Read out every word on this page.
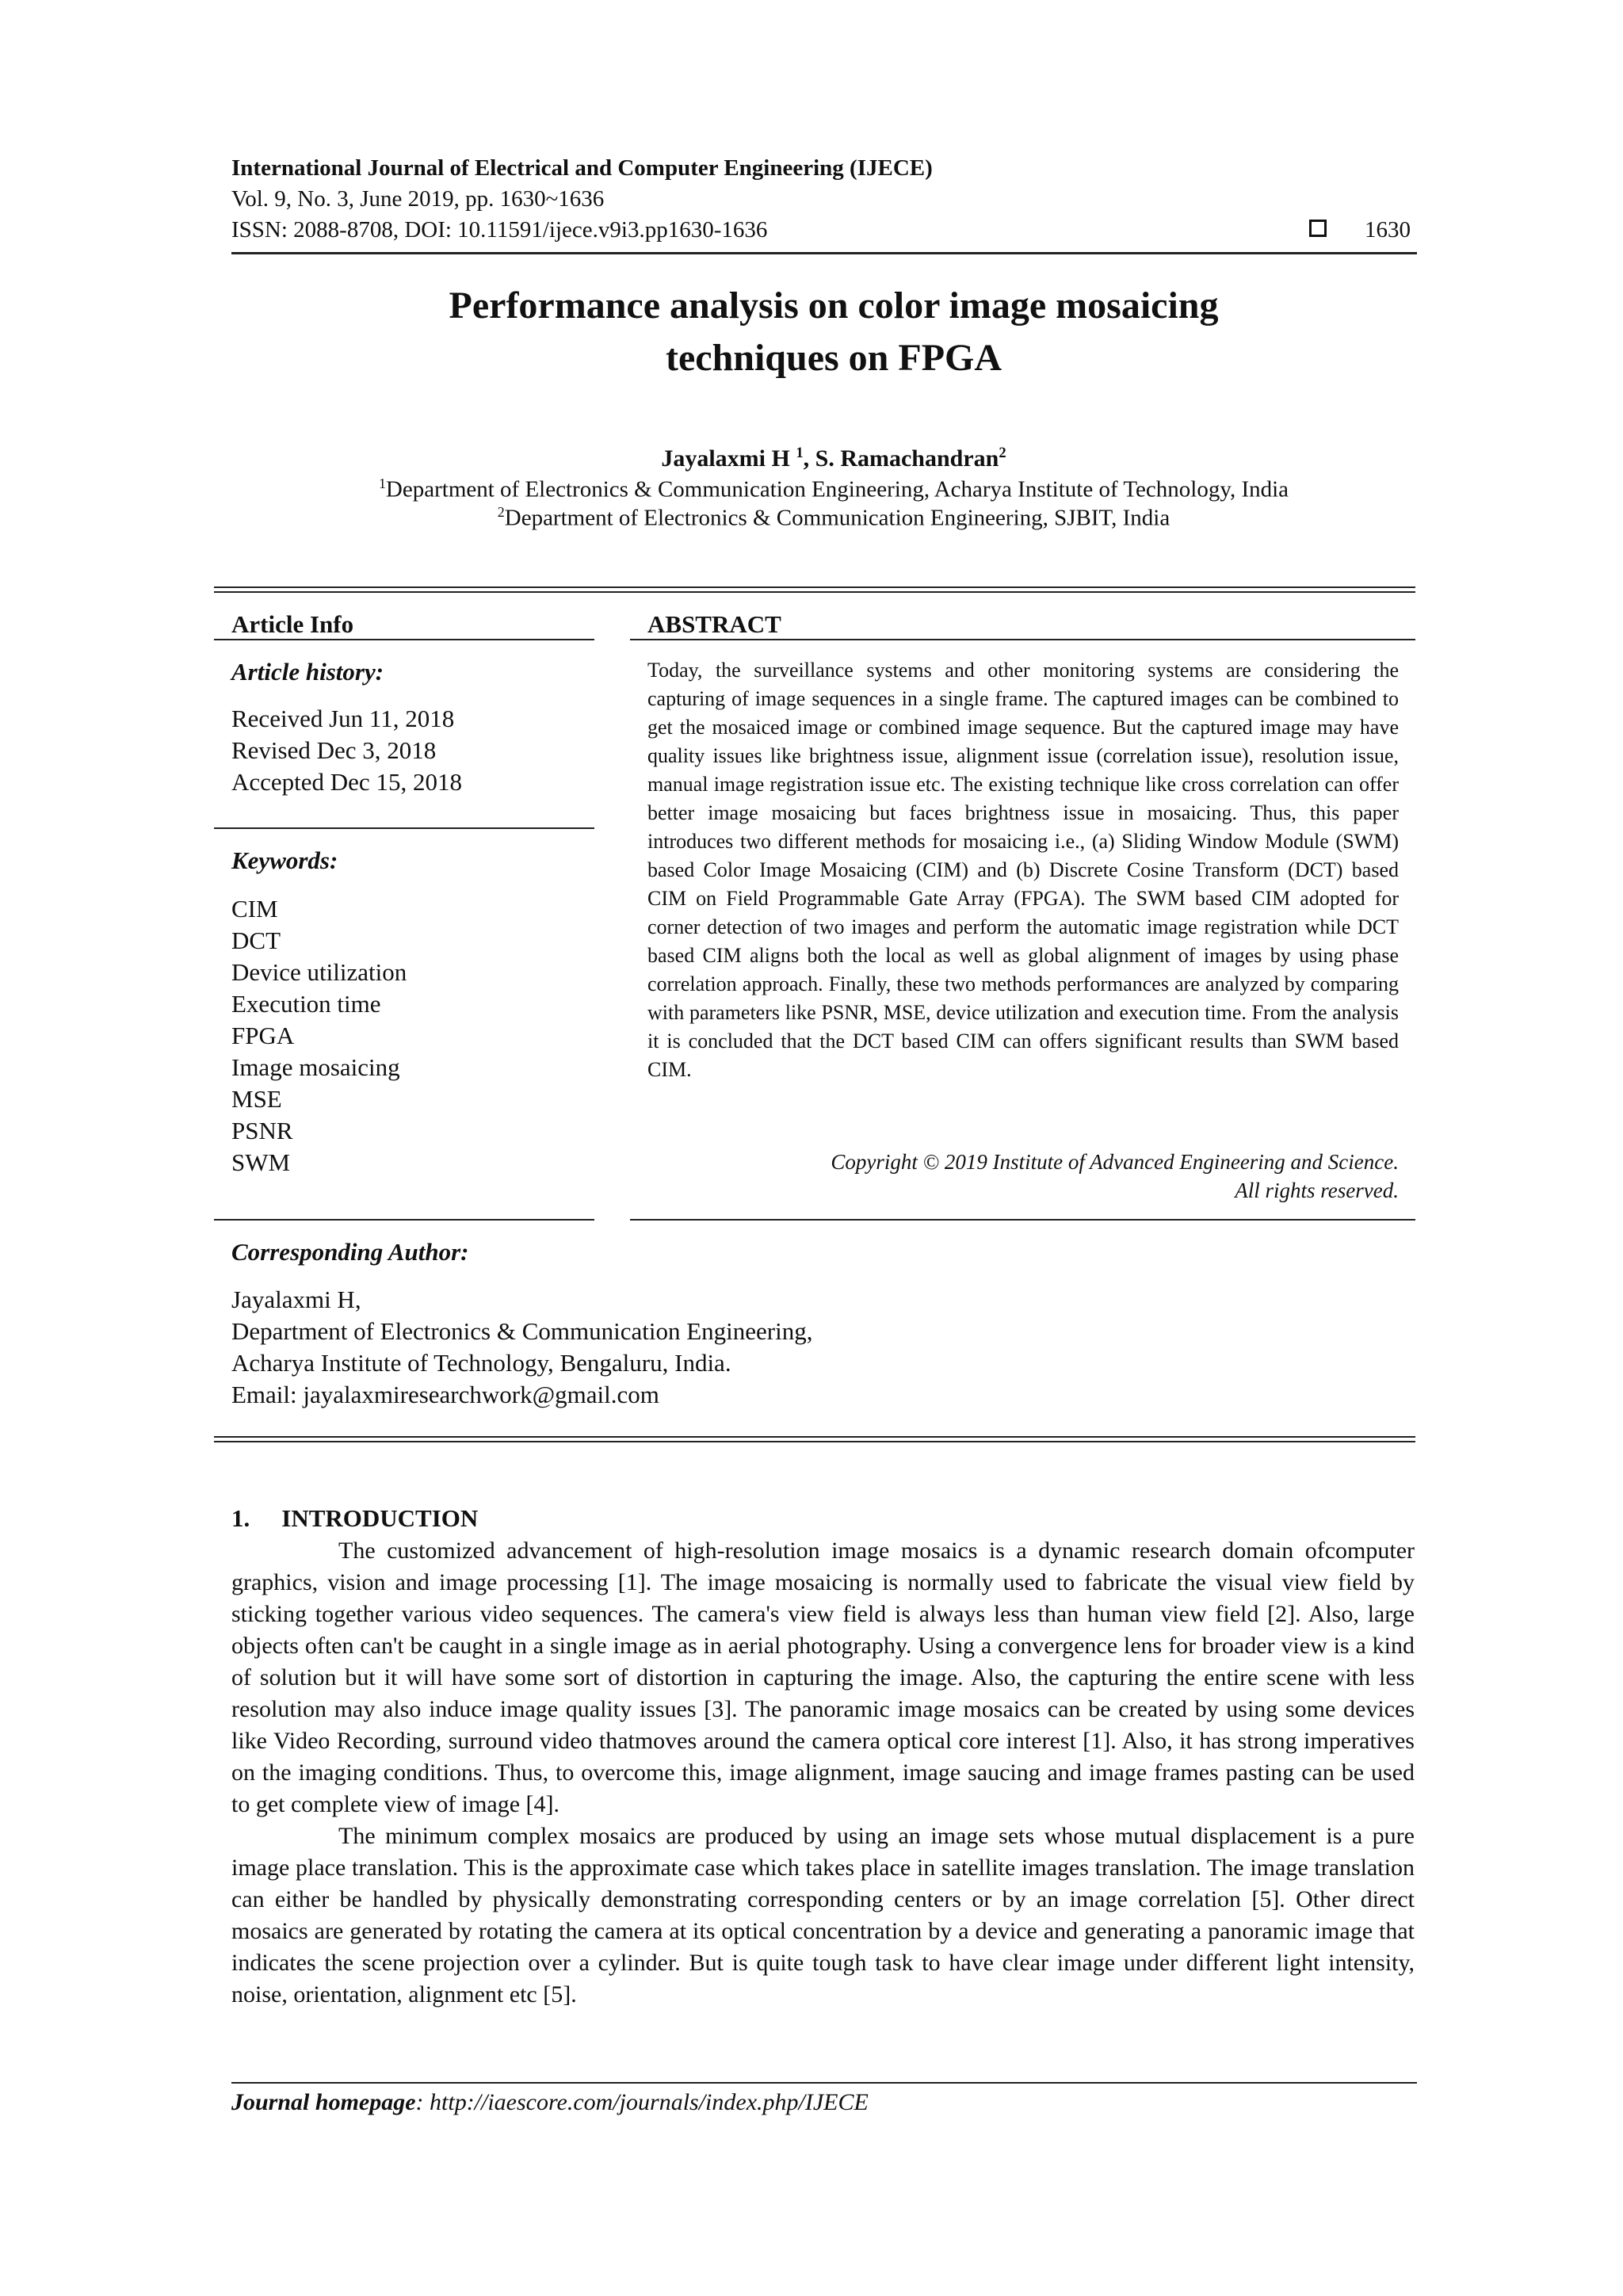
International Journal of Electrical and Computer Engineering (IJECE)
Vol. 9, No. 3, June 2019, pp. 1630~1636
ISSN: 2088-8708, DOI: 10.11591/ijece.v9i3.pp1630-1636	1630
Performance analysis on color image mosaicing
techniques on FPGA
Jayalaxmi H $^1$, S. Ramachandran$^2$
$^1$Department of Electronics & Communication Engineering, Acharya Institute of Technology, India
$^2$Department of Electronics & Communication Engineering, SJBIT, India
Article Info
Article history:
Received Jun 11, 2018
Revised Dec 3, 2018
Accepted Dec 15, 2018
Keywords:
CIM
DCT
Device utilization
Execution time
FPGA
Image mosaicing
MSE
PSNR
SWM
ABSTRACT
Today, the surveillance systems and other monitoring systems are considering the capturing of image sequences in a single frame. The captured images can be combined to get the mosaiced image or combined image sequence. But the captured image may have quality issues like brightness issue, alignment issue (correlation issue), resolution issue, manual image registration issue etc. The existing technique like cross correlation can offer better image mosaicing but faces brightness issue in mosaicing. Thus, this paper introduces two different methods for mosaicing i.e., (a) Sliding Window Module (SWM) based Color Image Mosaicing (CIM) and (b) Discrete Cosine Transform (DCT) based CIM on Field Programmable Gate Array (FPGA). The SWM based CIM adopted for corner detection of two images and perform the automatic image registration while DCT based CIM aligns both the local as well as global alignment of images by using phase correlation approach. Finally, these two methods performances are analyzed by comparing with parameters like PSNR, MSE, device utilization and execution time. From the analysis it is concluded that the DCT based CIM can offers significant results than SWM based CIM.
Copyright © 2019 Institute of Advanced Engineering and Science.
All rights reserved.
Corresponding Author:
Jayalaxmi H,
Department of Electronics & Communication Engineering,
Acharya Institute of Technology, Bengaluru, India.
Email: jayalaxmiresearchwork@gmail.com
1. INTRODUCTION

The customized advancement of high-resolution image mosaics is a dynamic research domain ofcomputer graphics, vision and image processing [1]. The image mosaicing is normally used to fabricate the visual view field by sticking together various video sequences. The camera's view field is always less than human view field [2]. Also, large objects often can't be caught in a single image as in aerial photography. Using a convergence lens for broader view is a kind of solution but it will have some sort of distortion in capturing the image. Also, the capturing the entire scene with less resolution may also induce image quality issues [3]. The panoramic image mosaics can be created by using some devices like Video Recording, surround video thatmoves around the camera optical core interest [1]. Also, it has strong imperatives on the imaging conditions. Thus, to overcome this, image alignment, image saucing and image frames pasting can be used to get complete view of image [4].

The minimum complex mosaics are produced by using an image sets whose mutual displacement is a pure image place translation. This is the approximate case which takes place in satellite images translation. The image translation can either be handled by physically demonstrating corresponding centers or by an image correlation [5]. Other direct mosaics are generated by rotating the camera at its optical concentration by a device and generating a panoramic image that indicates the scene projection over a cylinder. But is quite tough task to have clear image under different light intensity, noise, orientation, alignment etc [5].

Journal homepage: http://iaescore.com/journals/index.php/IJECE
